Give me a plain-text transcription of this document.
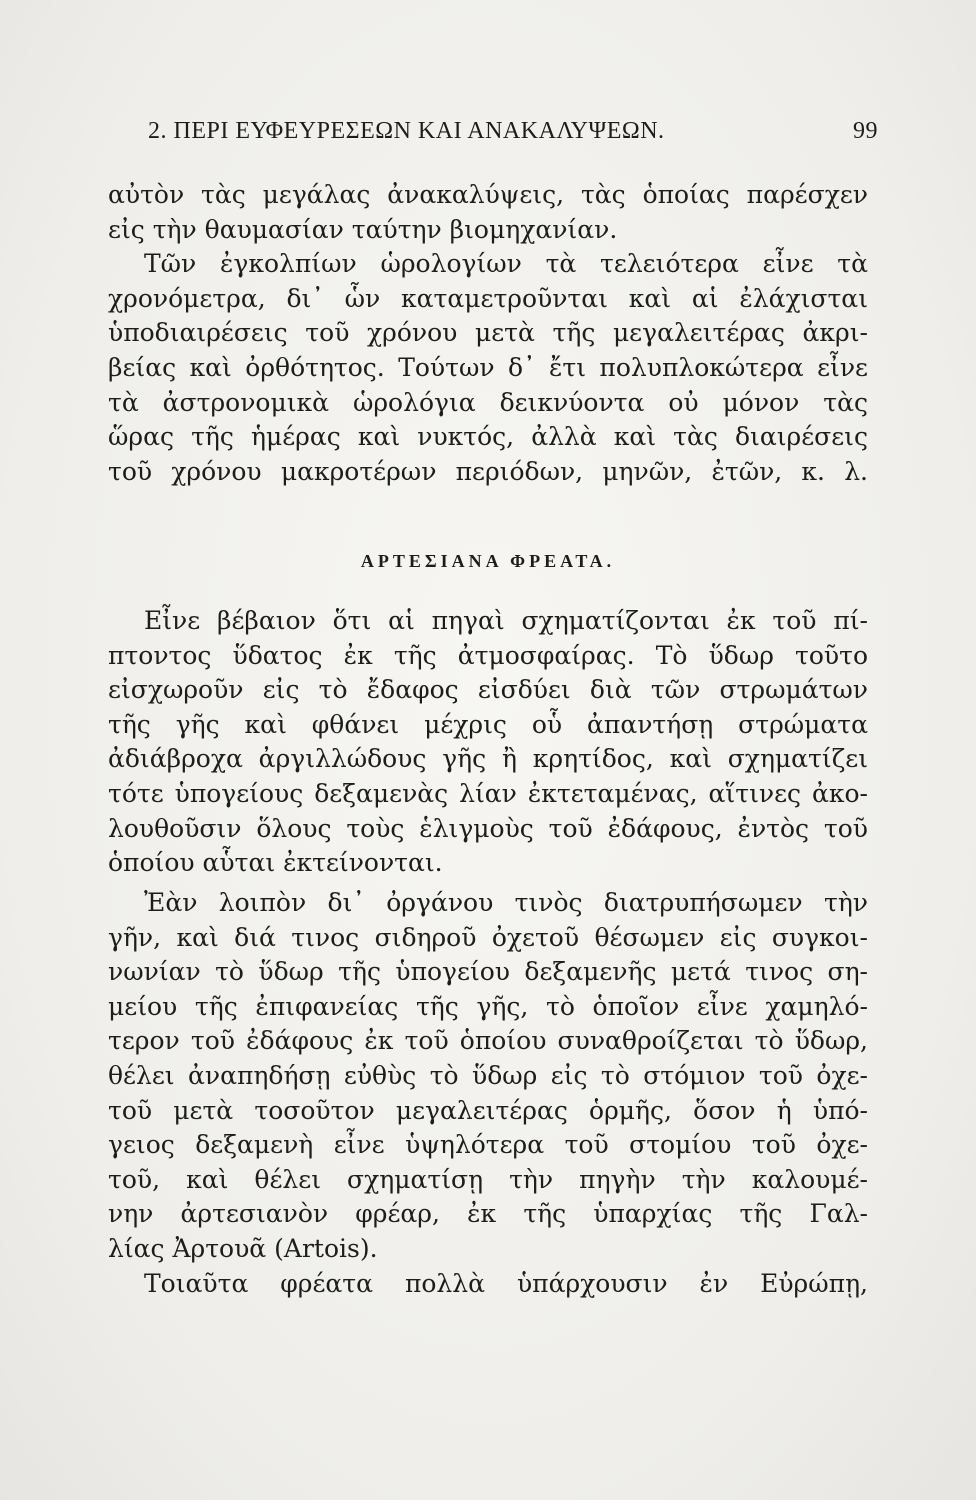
2. ΠΕΡΙ ΕΥΦΕΥΡΕΣΕΩΝ ΚΑΙ ΑΝΑΚΑΛΥΨΕΩΝ.	99
αὐτὸν τὰς μεγάλας ἀνακαλύψεις, τὰς ὁποίας παρέσχεν
εἰς τὴν θαυμασίαν ταύτην βιομηχανίαν.
Τῶν ἐγκολπίων ὡρολογίων τὰ τελειότερα εἶνε τὰ
χρονόμετρα, δι᾽ ὧν καταμετροῦνται καὶ αἱ ἐλάχισται
ὑποδιαιρέσεις τοῦ χρόνου μετὰ τῆς μεγαλειτέρας ἀκρι-
βείας καὶ ὀρθότητος. Τούτων δ᾽ ἔτι πολυπλοκώτερα εἶνε
τὰ ἀστρονομικὰ ὡρολόγια δεικνύοντα οὐ μόνον τὰς
ὥρας τῆς ἡμέρας καὶ νυκτός, ἀλλὰ καὶ τὰς διαιρέσεις
τοῦ χρόνου μακροτέρων περιόδων, μηνῶν, ἐτῶν, κ. λ.
ΑΡΤΕΣΙΑΝΑ ΦΡΕΑΤΑ.
Εἶνε βέβαιον ὅτι αἱ πηγαὶ σχηματίζονται ἐκ τοῦ πί-
πτοντος ὕδατος ἐκ τῆς ἀτμοσφαίρας. Τὸ ὕδωρ τοῦτο
εἰσχωροῦν εἰς τὸ ἔδαφος εἰσδύει διὰ τῶν στρωμάτων
τῆς γῆς καὶ φθάνει μέχρις οὗ ἀπαντήσῃ στρώματα
ἀδιάβροχα ἀργιλλώδους γῆς ἢ κρητίδος, καὶ σχηματίζει
τότε ὑπογείους δεξαμενὰς λίαν ἐκτεταμένας, αἵτινες ἀκο-
λουθοῦσιν ὅλους τοὺς ἑλιγμοὺς τοῦ ἐδάφους, ἐντὸς τοῦ
ὁποίου αὗται ἐκτείνονται.
Ἐὰν λοιπὸν δι᾽ ὀργάνου τινὸς διατρυπήσωμεν τὴν
γῆν, καὶ διά τινος σιδηροῦ ὀχετοῦ θέσωμεν εἰς συγκοι-
νωνίαν τὸ ὕδωρ τῆς ὑπογείου δεξαμενῆς μετά τινος ση-
μείου τῆς ἐπιφανείας τῆς γῆς, τὸ ὁποῖον εἶνε χαμηλό-
τερον τοῦ ἐδάφους ἐκ τοῦ ὁποίου συναθροίζεται τὸ ὕδωρ,
θέλει ἀναπηδήσῃ εὐθὺς τὸ ὕδωρ εἰς τὸ στόμιον τοῦ ὀχε-
τοῦ μετὰ τοσοῦτον μεγαλειτέρας ὁρμῆς, ὅσον ἡ ὑπό-
γειος δεξαμενὴ εἶνε ὑψηλότερα τοῦ στομίου τοῦ ὀχε-
τοῦ, καὶ θέλει σχηματίσῃ τὴν πηγὴν τὴν καλουμέ-
νην ἀρτεσιανὸν φρέαρ, ἐκ τῆς ὑπαρχίας τῆς Γαλ-
λίας Ἀρτουᾶ (Artois).
Τοιαῦτα φρέατα πολλὰ ὑπάρχουσιν ἐν Εὐρώπῃ,
